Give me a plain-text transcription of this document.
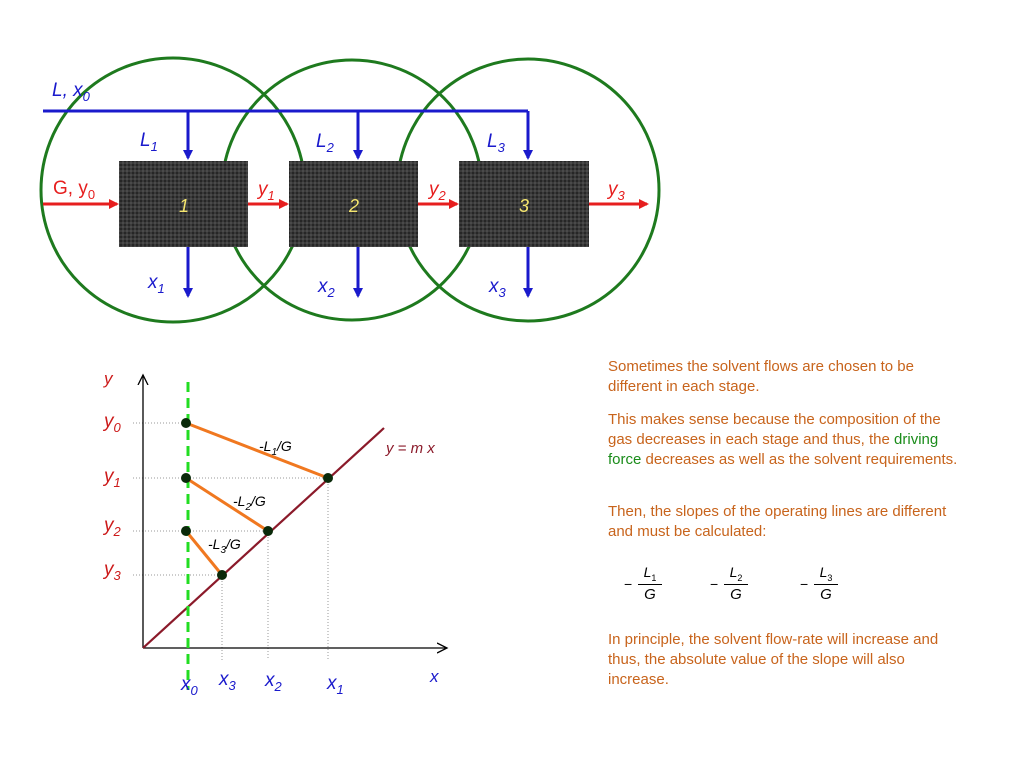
1	2	3
L, $x_0$
G, $y_0$
$L_1$	$L_2$	$L_3$
$y_1$	$y_2$	$y_3$
$x_1$	$x_2$	$x_3$
y
x
$y_0$
$y_1$
$y_2$
$y_3$
$x_0$
$x_3$ $x_2$ $x_1$
$-L_1/G$
$-L_2/G$
$-L_3/G$
y = m x

Sometimes the solvent flows are chosen to be different in each stage.

This makes sense because the composition of the gas decreases in each stage and thus, the driving force decreases as well as the solvent requirements.

Then, the slopes of the operating lines are different and must be calculated:

−
$L_1$
G
−
$L_2$
G
−
$L_3$
G

In principle, the solvent flow-rate will increase and thus, the absolute value of the slope will also increase.
